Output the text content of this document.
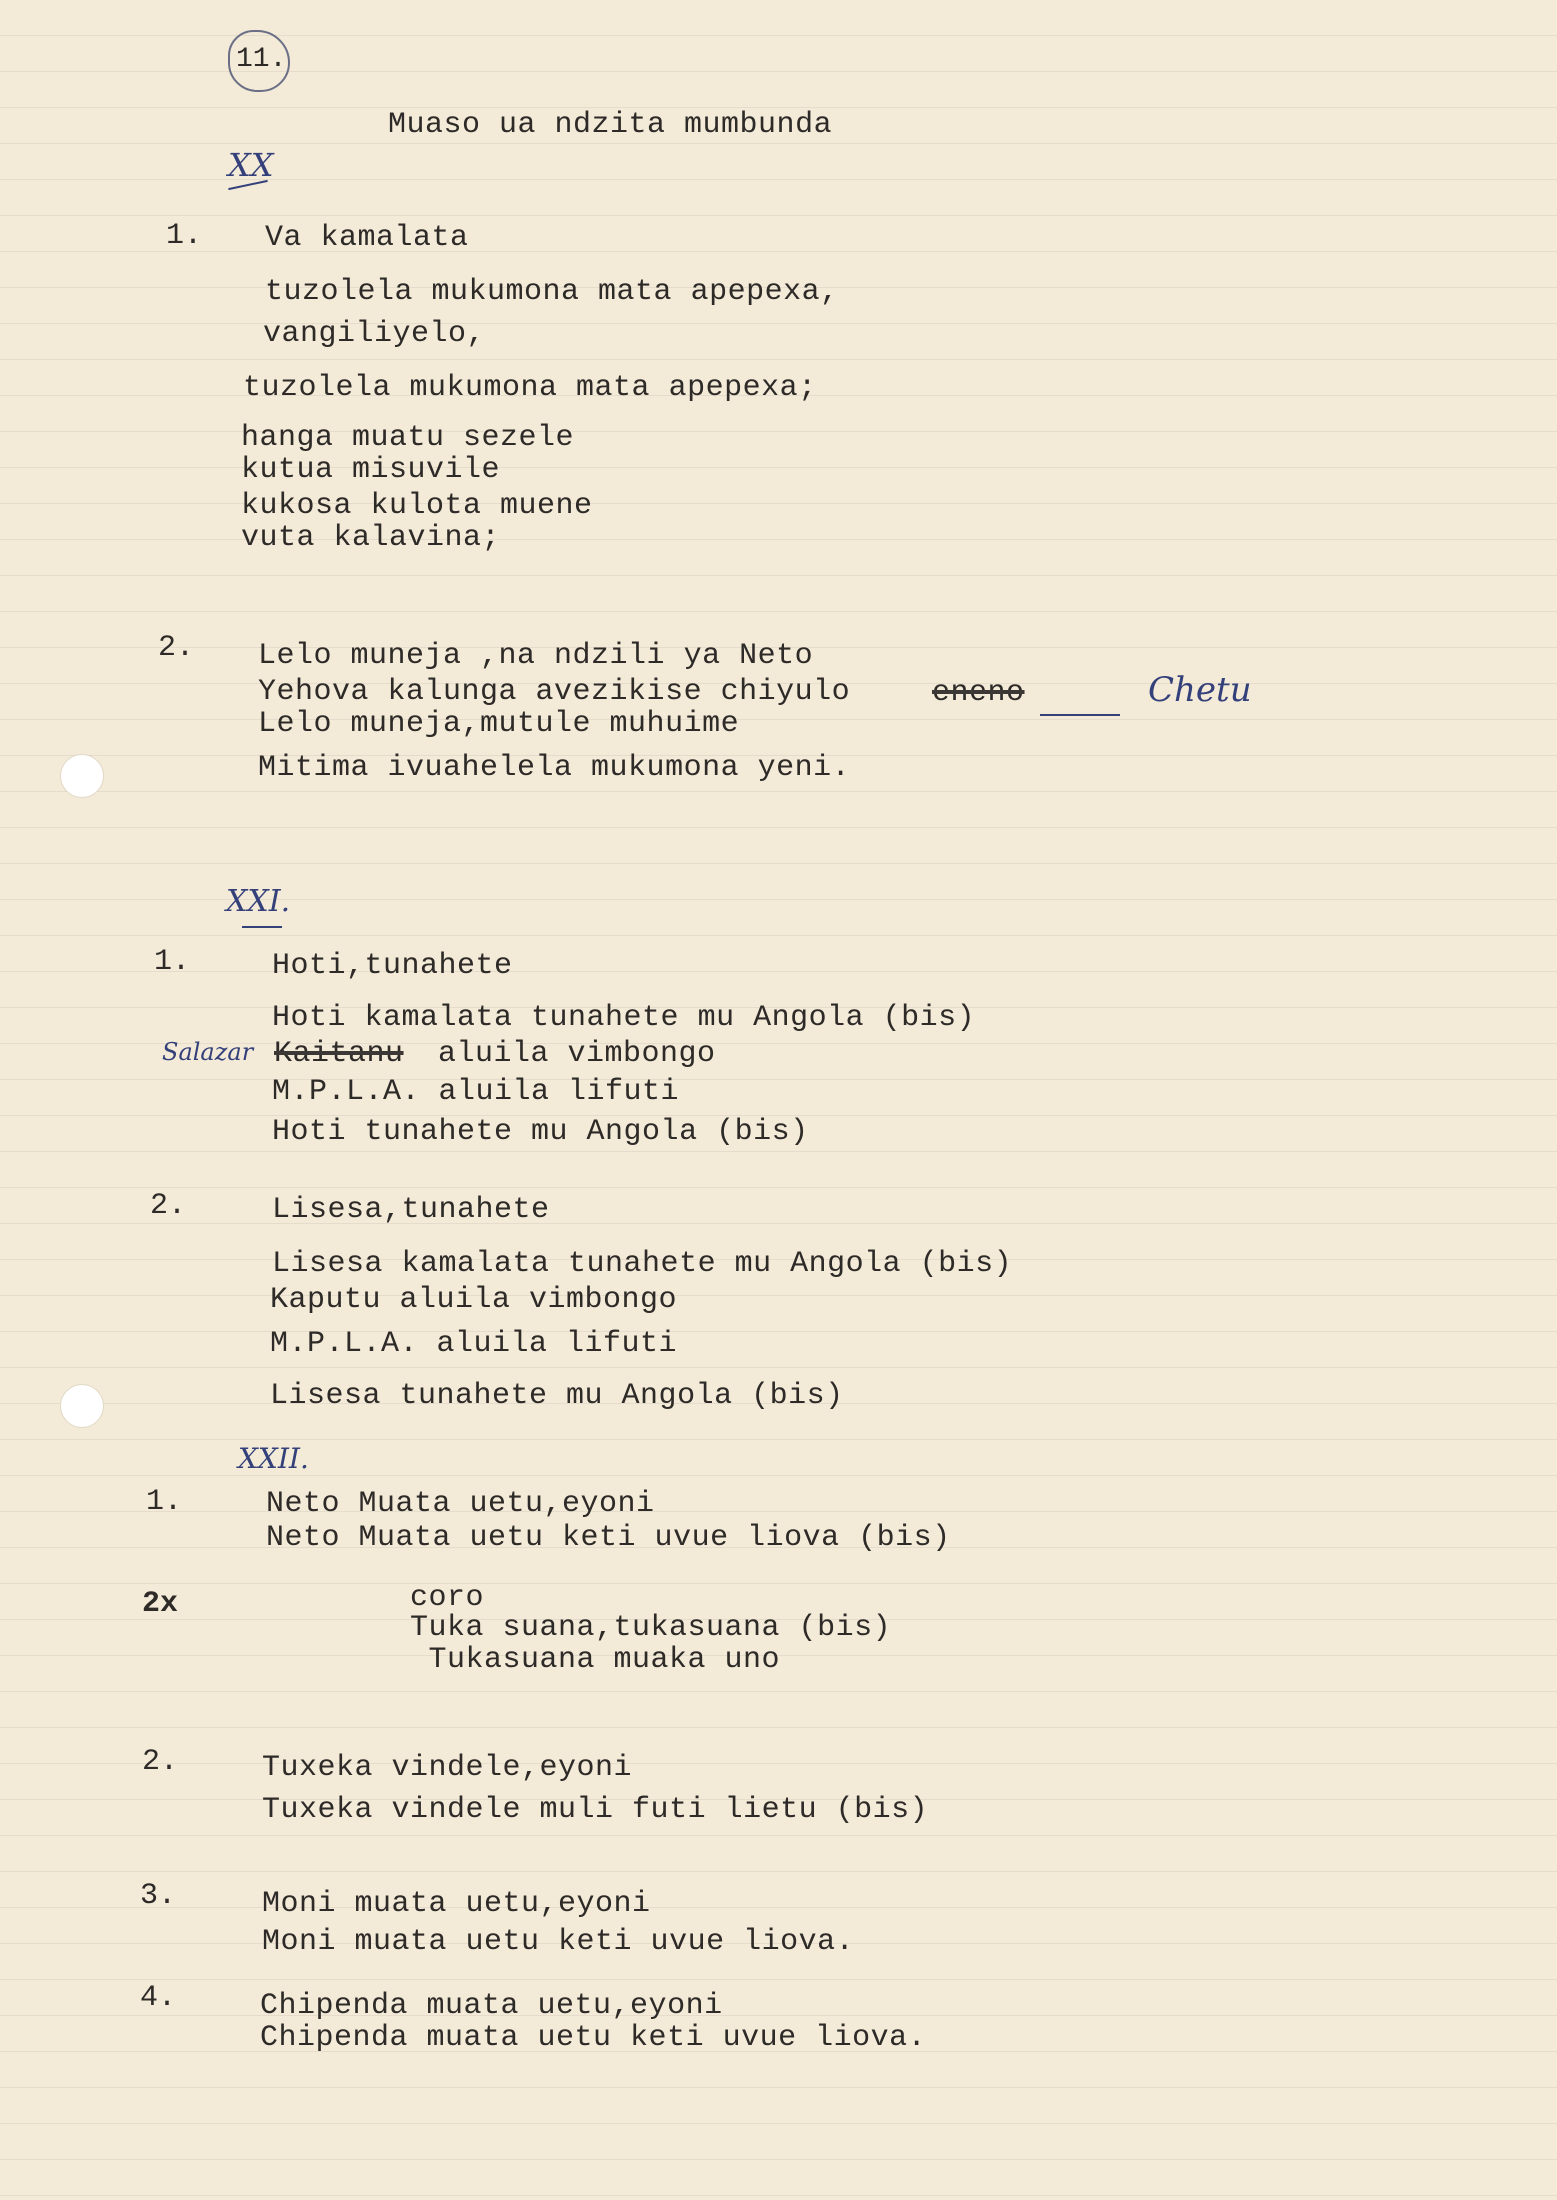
11.
Muaso ua ndzita mumbunda
XX
1. Va kamalata
tuzolela mukumona mata apepexa,
vangiliyelo,
tuzolela mukumona mata apepexa;
hanga muatu sezele
kutua misuvile
kukosa kulota muene
vuta kalavina;
2. Lelo muneja ,na ndzili ya Neto
Yehova kalunga avezikise chiyulo	eneno	Chetu
Lelo muneja,mutule muhuime
Mitima ivuahelela mukumona yeni.
XXI.
1.	Hoti,tunahete
Hoti kamalata tunahete mu Angola (bis)
Salazar Kaitanu aluila vimbongo
M.P.L.A. aluila lifuti
Hoti tunahete mu Angola (bis)
2.	Lisesa,tunahete
Lisesa kamalata tunahete mu Angola (bis)
Kaputu aluila vimbongo
M.P.L.A. aluila lifuti
Lisesa tunahete mu Angola (bis)
XXII.
1.	Neto Muata uetu,eyoni
Neto Muata uetu keti uvue liova (bis)
2x	coro
Tuka suana,tukasuana (bis)
Tukasuana muaka uno
2.	Tuxeka vindele,eyoni
Tuxeka vindele muli futi lietu (bis)
3.	Moni muata uetu,eyoni
Moni muata uetu keti uvue liova.
4.	Chipenda muata uetu,eyoni
Chipenda muata uetu keti uvue liova.
